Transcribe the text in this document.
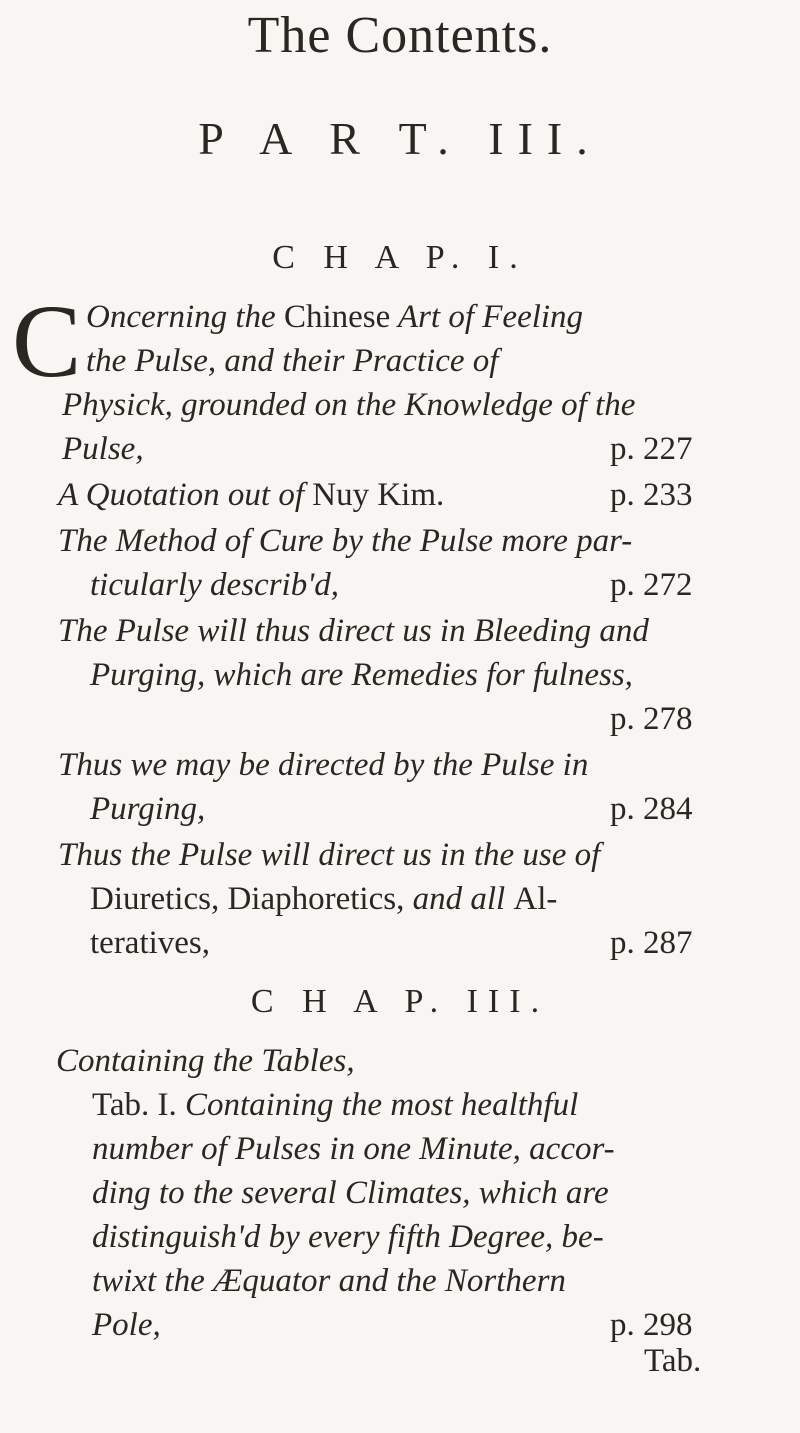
The Contents.
P A R T. III.
C H A P. I.
C Oncerning the Chinese Art of Feeling
the Pulse, and their Practice of
Physick, grounded on the Knowledge of the
Pulse,	p. 227
A Quotation out of Nuy Kim.	p. 233
The Method of Cure by the Pulse more par-
ticularly describ'd,	p. 272
The Pulse will thus direct us in Bleeding and
Purging, which are Remedies for fulness,
p. 278
Thus we may be directed by the Pulse in
Purging,	p. 284
Thus the Pulse will direct us in the use of
Diuretics, Diaphoretics, and all Al-
teratives,	p. 287
C H A P. III.
Containing the Tables,
Tab. I. Containing the most healthful
number of Pulses in one Minute, accor-
ding to the several Climates, which are
distinguish'd by every fifth Degree, be-
twixt the Æquator and the Northern
Pole,	p. 298
Tab.
